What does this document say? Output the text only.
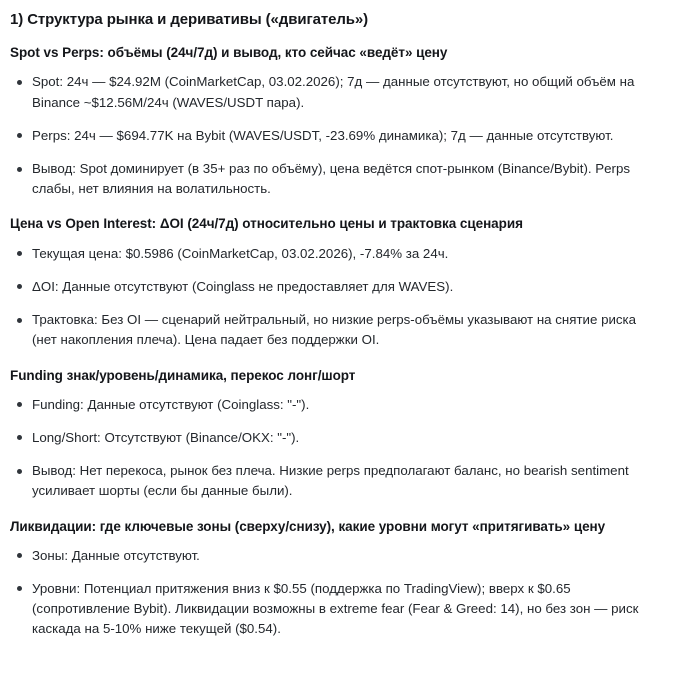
1) Структура рынка и деривативы («двигатель»)
Spot vs Perps: объёмы (24ч/7д) и вывод, кто сейчас «ведёт» цену
Spot: 24ч — $24.92M (CoinMarketCap, 03.02.2026); 7д — данные отсутствуют, но общий объём на Binance ~$12.56M/24ч (WAVES/USDT пара).
Perps: 24ч — $694.77K на Bybit (WAVES/USDT, -23.69% динамика); 7д — данные отсутствуют.
Вывод: Spot доминирует (в 35+ раз по объёму), цена ведётся спот-рынком (Binance/Bybit). Perps слабы, нет влияния на волатильность.
Цена vs Open Interest: ΔOI (24ч/7д) относительно цены и трактовка сценария
Текущая цена: $0.5986 (CoinMarketCap, 03.02.2026), -7.84% за 24ч.
ΔOI: Данные отсутствуют (Coinglass не предоставляет для WAVES).
Трактовка: Без OI — сценарий нейтральный, но низкие perps-объёмы указывают на снятие риска (нет накопления плеча). Цена падает без поддержки OI.
Funding знак/уровень/динамика, перекос лонг/шорт
Funding: Данные отсутствуют (Coinglass: "-").
Long/Short: Отсутствуют (Binance/OKX: "-").
Вывод: Нет перекоса, рынок без плеча. Низкие perps предполагают баланс, но bearish sentiment усиливает шорты (если бы данные были).
Ликвидации: где ключевые зоны (сверху/снизу), какие уровни могут «притягивать» цену
Зоны: Данные отсутствуют.
Уровни: Потенциал притяжения вниз к $0.55 (поддержка по TradingView); вверх к $0.65 (сопротивление Bybit). Ликвидации возможны в extreme fear (Fear & Greed: 14), но без зон — риск каскада на 5-10% ниже текущей ($0.54).
